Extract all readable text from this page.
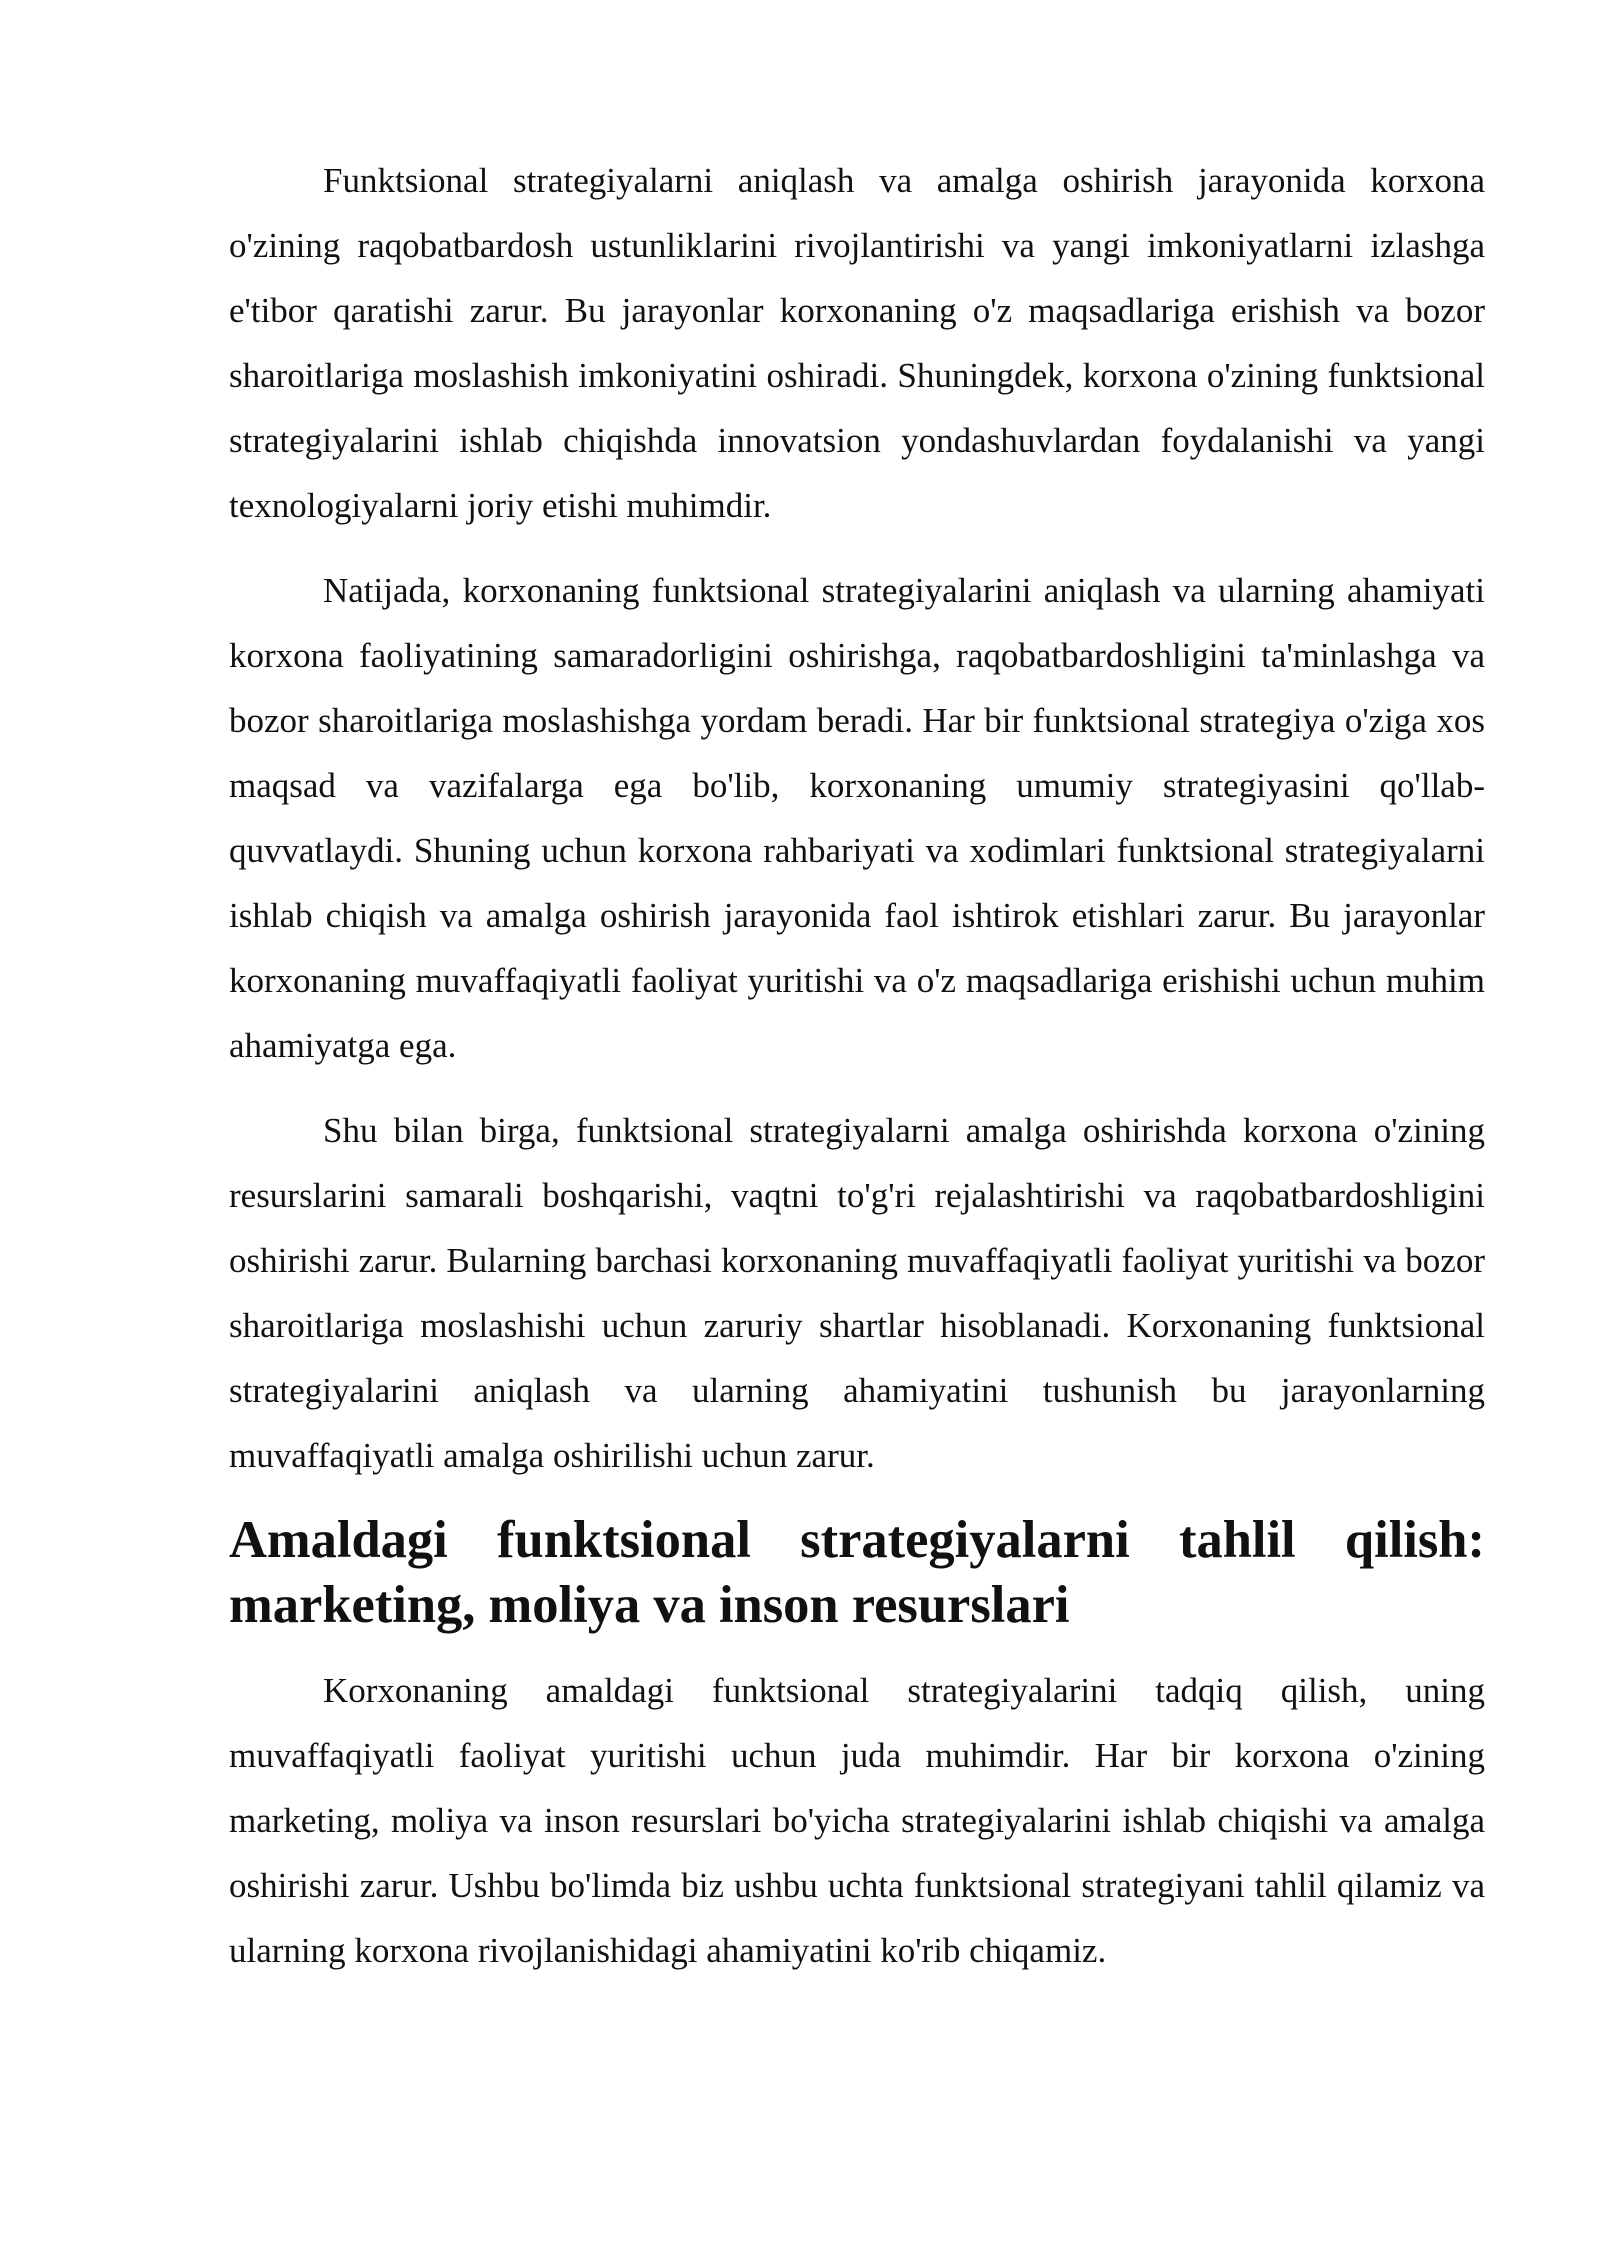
Funktsional strategiyalarni aniqlash va amalga oshirish jarayonida korxona o'zining raqobatbardosh ustunliklarini rivojlantirishi va yangi imkoniyatlarni izlashga e'tibor qaratishi zarur. Bu jarayonlar korxonaning o'z maqsadlariga erishish va bozor sharoitlariga moslashish imkoniyatini oshiradi. Shuningdek, korxona o'zining funktsional strategiyalarini ishlab chiqishda innovatsion yondashuvlardan foydalanishi va yangi texnologiyalarni joriy etishi muhimdir.

Natijada, korxonaning funktsional strategiyalarini aniqlash va ularning ahamiyati korxona faoliyatining samaradorligini oshirishga, raqobatbardoshligini ta'minlashga va bozor sharoitlariga moslashishga yordam beradi. Har bir funktsional strategiya o'ziga xos maqsad va vazifalarga ega bo'lib, korxonaning umumiy strategiyasini qo'llab-quvvatlaydi. Shuning uchun korxona rahbariyati va xodimlari funktsional strategiyalarni ishlab chiqish va amalga oshirish jarayonida faol ishtirok etishlari zarur. Bu jarayonlar korxonaning muvaffaqiyatli faoliyat yuritishi va o'z maqsadlariga erishishi uchun muhim ahamiyatga ega.

Shu bilan birga, funktsional strategiyalarni amalga oshirishda korxona o'zining resurslarini samarali boshqarishi, vaqtni to'g'ri rejalashtirishi va raqobatbardoshligini oshirishi zarur. Bularning barchasi korxonaning muvaffaqiyatli faoliyat yuritishi va bozor sharoitlariga moslashishi uchun zaruriy shartlar hisoblanadi. Korxonaning funktsional strategiyalarini aniqlash va ularning ahamiyatini tushunish bu jarayonlarning muvaffaqiyatli amalga oshirilishi uchun zarur.

Amaldagi funktsional strategiyalarni tahlil qilish: marketing, moliya va inson resurslari

Korxonaning amaldagi funktsional strategiyalarini tadqiq qilish, uning muvaffaqiyatli faoliyat yuritishi uchun juda muhimdir. Har bir korxona o'zining marketing, moliya va inson resurslari bo'yicha strategiyalarini ishlab chiqishi va amalga oshirishi zarur. Ushbu bo'limda biz ushbu uchta funktsional strategiyani tahlil qilamiz va ularning korxona rivojlanishidagi ahamiyatini ko'rib chiqamiz.
